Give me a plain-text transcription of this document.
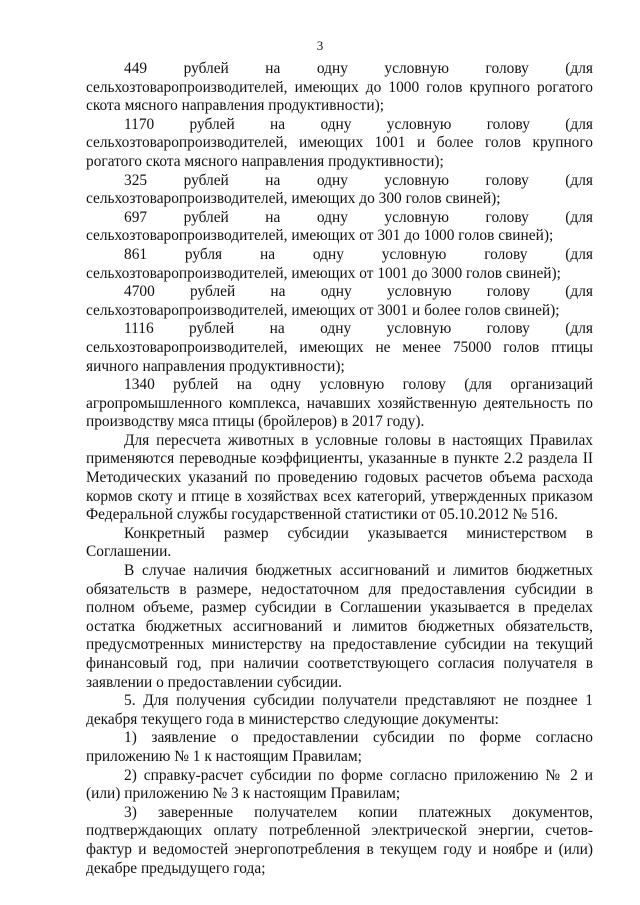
3

449 рублей на одну условную голову (для сельхозтоваропроизводителей, имеющих до 1000 голов крупного рогатого скота мясного направления продуктивности);

1170 рублей на одну условную голову (для сельхозтоваропроизводителей, имеющих 1001 и более голов крупного рогатого скота мясного направления продуктивности);

325 рублей на одну условную голову (для сельхозтоваропроизводителей, имеющих до 300 голов свиней);

697 рублей на одну условную голову (для сельхозтоваропроизводителей, имеющих от 301 до 1000 голов свиней);

861 рубля на одну условную голову (для сельхозтоваропроизводителей, имеющих от 1001 до 3000 голов свиней);

4700 рублей на одну условную голову (для сельхозтоваропроизводителей, имеющих от 3001 и более голов свиней);

1116 рублей на одну условную голову (для сельхозтоваропроизводителей, имеющих не менее 75000 голов птицы яичного направления продуктивности);

1340 рублей на одну условную голову (для организаций агропромышленного комплекса, начавших хозяйственную деятельность по производству мяса птицы (бройлеров) в 2017 году).

Для пересчета животных в условные головы в настоящих Правилах применяются переводные коэффициенты, указанные в пункте 2.2 раздела II Методических указаний по проведению годовых расчетов объема расхода кормов скоту и птице в хозяйствах всех категорий, утвержденных приказом Федеральной службы государственной статистики от 05.10.2012 № 516.

Конкретный размер субсидии указывается министерством в Соглашении.

В случае наличия бюджетных ассигнований и лимитов бюджетных обязательств в размере, недостаточном для предоставления субсидии в полном объеме, размер субсидии в Соглашении указывается в пределах остатка бюджетных ассигнований и лимитов бюджетных обязательств, предусмотренных министерству на предоставление субсидии на текущий финансовый год, при наличии соответствующего согласия получателя в заявлении о предоставлении субсидии.

5. Для получения субсидии получатели представляют не позднее 1 декабря текущего года в министерство следующие документы:

1) заявление о предоставлении субсидии по форме согласно приложению № 1 к настоящим Правилам;

2) справку-расчет субсидии по форме согласно приложению № 2 и (или) приложению № 3 к настоящим Правилам;

3) заверенные получателем копии платежных документов, подтверждающих оплату потребленной электрической энергии, счетов-фактур и ведомостей энергопотребления в текущем году и ноябре и (или) декабре предыдущего года;
